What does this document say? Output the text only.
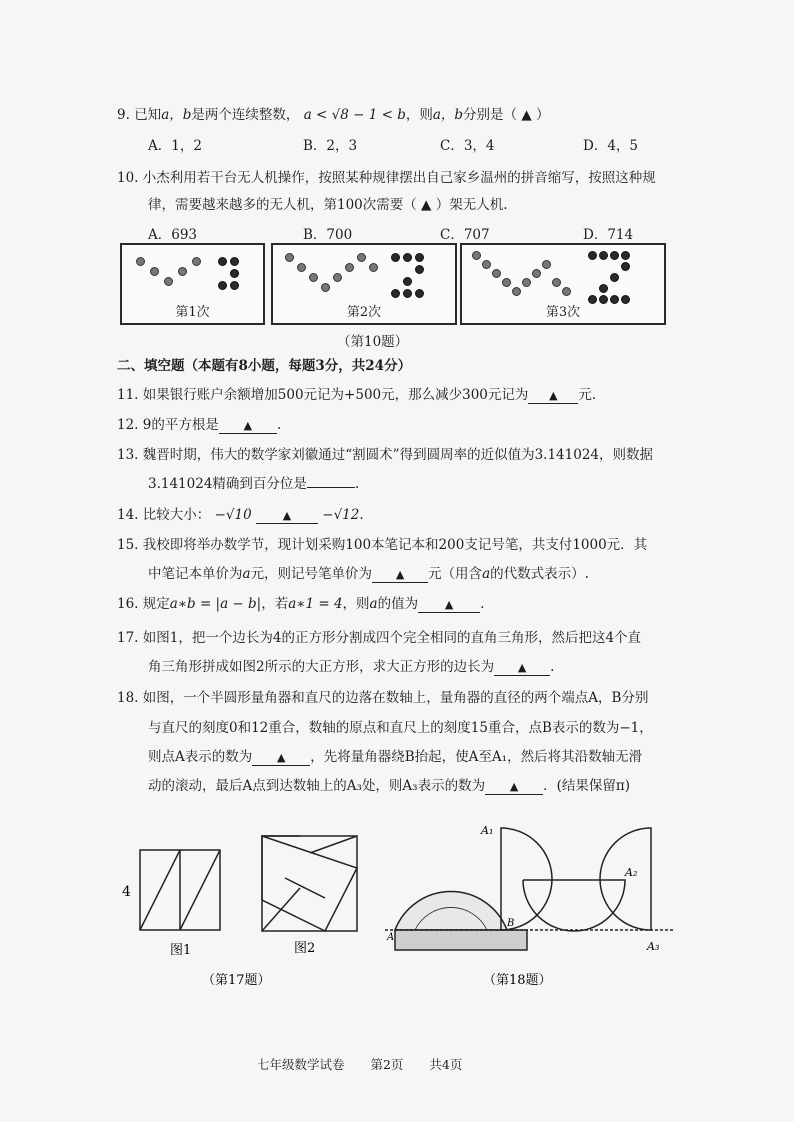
9. 已知a，b是两个连续整数， a < √8 − 1 < b，则a，b分别是（ ▲ ）
A．1，2	B．2，3	C．3，4	D．4，5
10. 小杰利用若干台无人机操作，按照某种规律摆出自己家乡温州的拼音缩写，按照这种规
律，需要越来越多的无人机，第100次需要（ ▲ ）架无人机.
A．693	B．700	C．707	D．714
第1次	第2次	第3次
（第10题）
二、填空题（本题有8小题，每题3分，共24分）
11. 如果银行账户余额增加500元记为+500元，那么减少300元记为 ▲ 元.
12. 9的平方根是 ▲ .
13. 魏晋时期，伟大的数学家刘徽通过“割圆术”得到圆周率的近似值为3.141024，则数据
3.141024精确到百分位是	.
14. 比较大小： −√10	▲ −√12.
15. 我校即将举办数学节，现计划采购100本笔记本和200支记号笔，共支付1000元．其
中笔记本单价为a元，则记号笔单价为 ▲ 元（用含a的代数式表示）.
16. 规定a∗b = |a − b|，若a∗1 = 4，则a的值为 ▲ .
17. 如图1，把一个边长为4的正方形分割成四个完全相同的直角三角形，然后把这4个直
角三角形拼成如图2所示的大正方形，求大正方形的边长为 ▲ .
18. 如图，一个半圆形量角器和直尺的边落在数轴上，量角器的直径的两个端点A，B分别
与直尺的刻度0和12重合，数轴的原点和直尺上的刻度15重合，点B表示的数为−1，
则点A表示的数为 ▲ ，先将量角器绕B抬起，使A至A₁，然后将其沿数轴无滑
动的滚动，最后A点到达数轴上的A₃处，则A₃表示的数为 ▲ ．(结果保留π)
4
图1	图2
（第17题）
A₁
A₂
A₃
A
B
（第18题）
七年级数学试卷 第2页 共4页
